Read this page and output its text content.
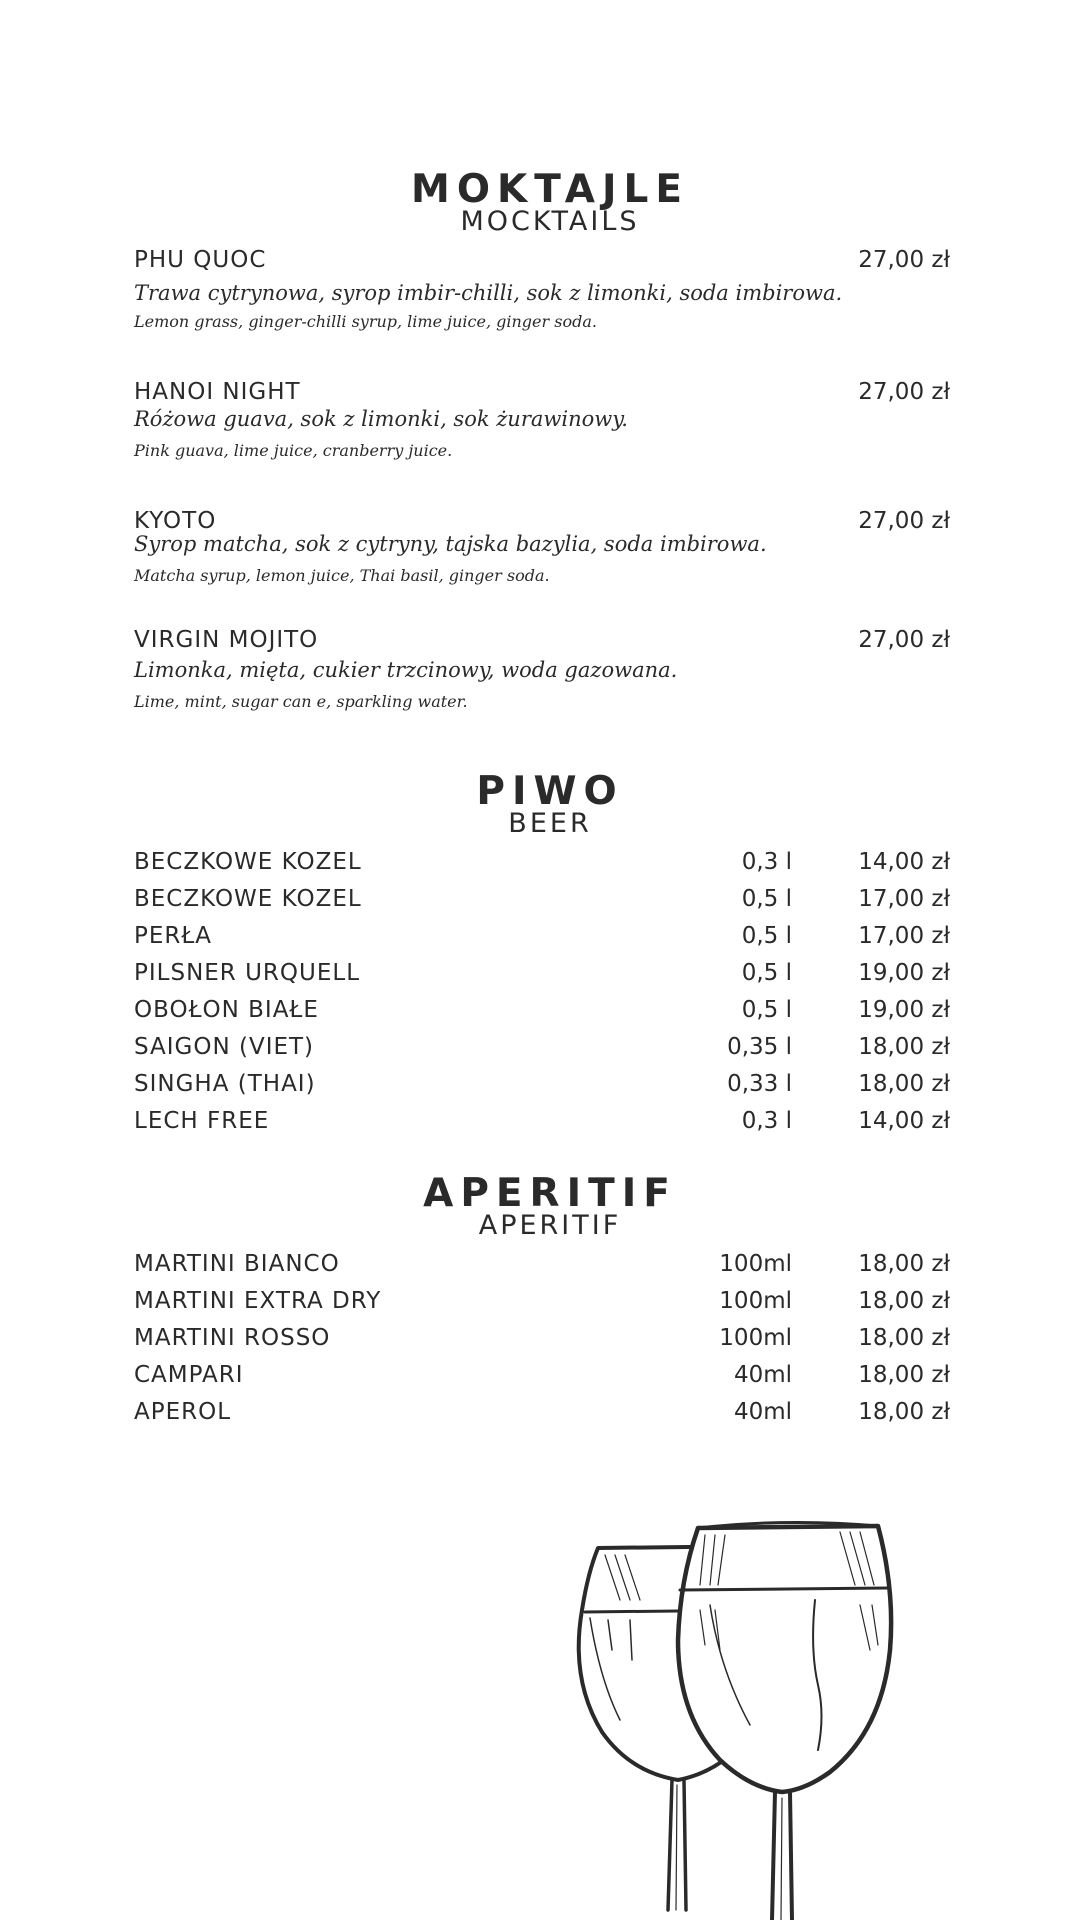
MOKTAJLE
MOCKTAILS
PHU QUOC	27,00 zł
Trawa cytrynowa, syrop imbir-chilli, sok z limonki, soda imbirowa.
Lemon grass, ginger-chilli syrup, lime juice, ginger soda.
HANOI NIGHT	27,00 zł
Różowa guava, sok z limonki, sok żurawinowy.
Pink guava, lime juice, cranberry juice.
KYOTO	27,00 zł
Syrop matcha, sok z cytryny, tajska bazylia, soda imbirowa.
Matcha syrup, lemon juice, Thai basil, ginger soda.
VIRGIN MOJITO	27,00 zł
Limonka, mięta, cukier trzcinowy, woda gazowana.
Lime, mint, sugar can e, sparkling water.
PIWO
BEER
BECZKOWE KOZEL	0,3 l	14,00 zł
BECZKOWE KOZEL	0,5 l	17,00 zł
PERŁA	0,5 l	17,00 zł
PILSNER URQUELL	0,5 l	19,00 zł
OBOŁON BIAŁE	0,5 l	19,00 zł
SAIGON (VIET)	0,35 l	18,00 zł
SINGHA (THAI)	0,33 l	18,00 zł
LECH FREE	0,3 l	14,00 zł
APERITIF
APERITIF
MARTINI BIANCO	100ml	18,00 zł
MARTINI EXTRA DRY	100ml	18,00 zł
MARTINI ROSSO	100ml	18,00 zł
CAMPARI	40ml	18,00 zł
APEROL	40ml	18,00 zł
